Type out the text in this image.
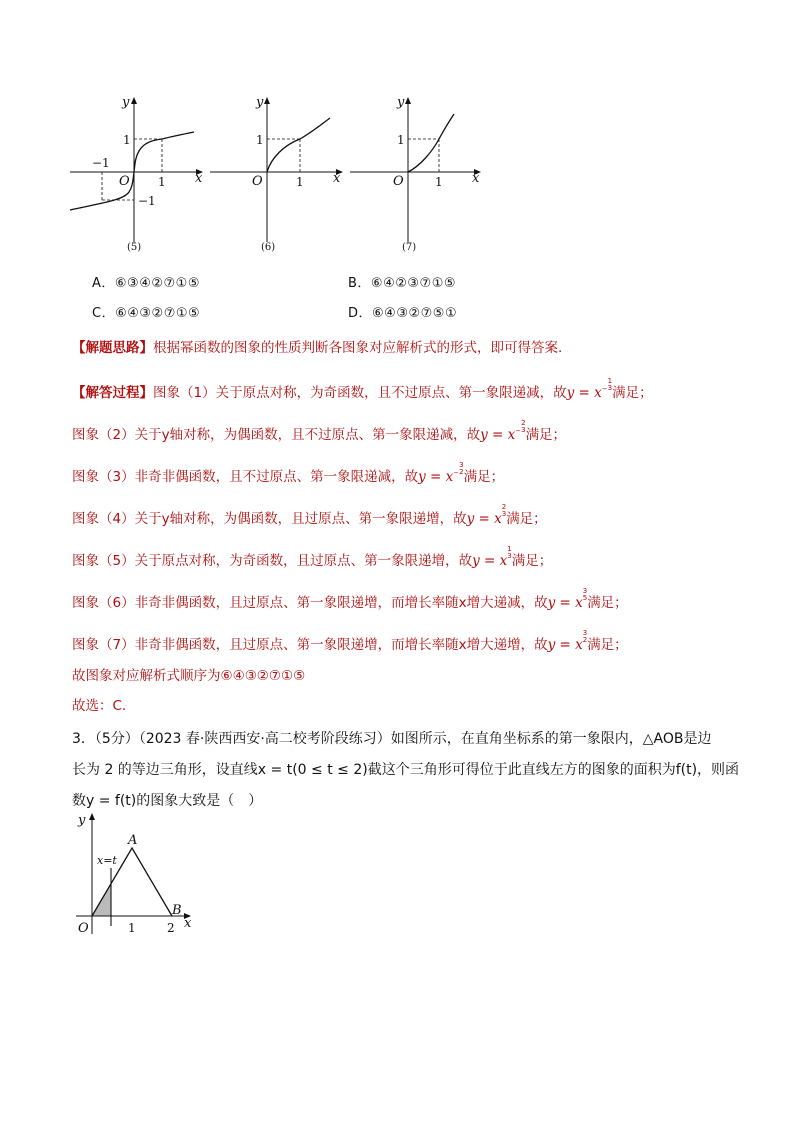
y
x
O
1
1
−1
−1
(5)
y
x
O
1
1
(6)
y
x
O
1
1
(7)
A．⑥③④②⑦①⑤	B．⑥④②③⑦①⑤
C．⑥④③②⑦①⑤	D．⑥④③②⑦⑤①
【解题思路】根据幂函数的图象的性质判断各图象对应解析式的形式，即可得答案.
【解答过程】图象（1）关于原点对称，为奇函数，且不过原点、第一象限递减，故y = x−
1
3 满足；
图象（2）关于y轴对称，为偶函数，且不过原点、第一象限递减，故y = x−
2
3 满足；
图象（3）非奇非偶函数，且不过原点、第一象限递减，故y = x−
3
2 满足；
图象（4）关于y轴对称，为偶函数，且过原点、第一象限递增，故y = x
2
3 满足；
图象（5）关于原点对称，为奇函数，且过原点、第一象限递增，故y = x
1
3 满足；
图象（6）非奇非偶函数，且过原点、第一象限递增，而增长率随x增大递减，故y = x
3
5 满足；
图象（7）非奇非偶函数，且过原点、第一象限递增，而增长率随x增大递增，故y = x
3
2 满足；
故图象对应解析式顺序为⑥④③②⑦①⑤
故选：C.
3．（5分）（2023 春·陕西西安·高二校考阶段练习）如图所示，在直角坐标系的第一象限内，△AOB是边
长为 2 的等边三角形，设直线x = t(0 ≤ t ≤ 2)截这个三角形可得位于此直线左方的图象的面积为f(t)，则函
数y = f(t)的图象大致是（　）
y
x
O
A
B
x=t
1	2
